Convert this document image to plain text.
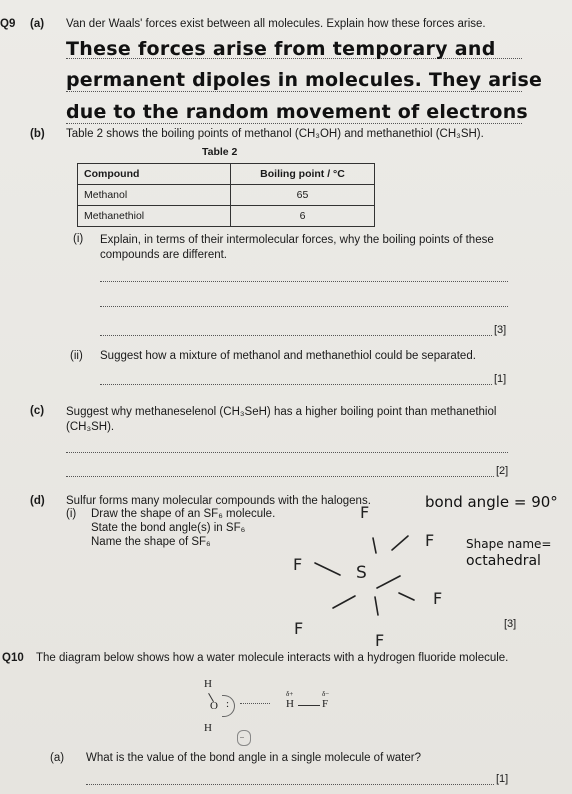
Q9 (a) Van der Waals' forces exist between all molecules. Explain how these forces arise.
These forces arise from temporary and
permanent dipoles in molecules. They arise
due to the random movement of electrons
(b) Table 2 shows the boiling points of methanol (CH₃OH) and methanethiol (CH₃SH).
Table 2
Compound	Boiling point / °C
Methanol	65
Methanethiol	6
(i) Explain, in terms of their intermolecular forces, why the boiling points of these compounds are different.
[3]
(ii) Suggest how a mixture of methanol and methanethiol could be separated.
[1]
(c) Suggest why methaneselenol (CH₃SeH) has a higher boiling point than methanethiol (CH₃SH).
[2]
(d) Sulfur forms many molecular compounds with the halogens.
(i) Draw the shape of an SF₆ molecule.
State the bond angle(s) in SF₆
Name the shape of SF₆
bond angle = 90°
Shape name=
octahedral
F
F
F	S
F
F
F
[3]
Q10 The diagram below shows how a water molecule interacts with a hydrogen fluoride molecule.
H
O :
H
..
δ+
H
δ−
F
(a) What is the value of the bond angle in a single molecule of water?
[1]
